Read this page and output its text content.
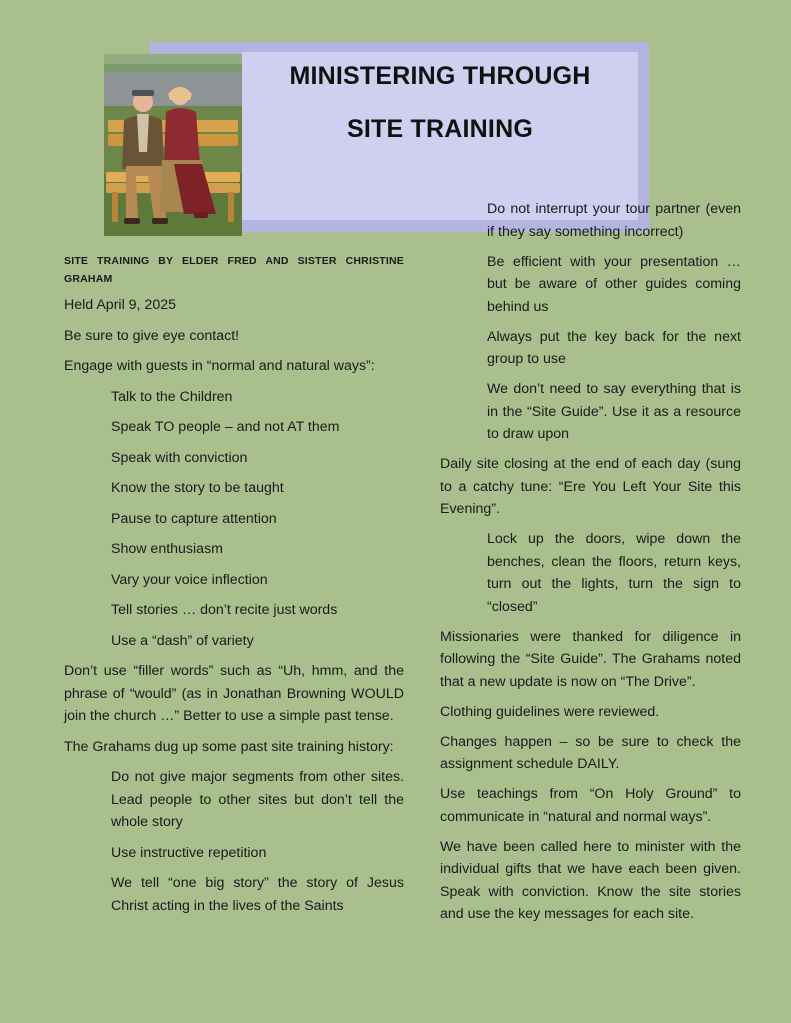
MINISTERING THROUGH
SITE TRAINING

SITE TRAINING BY ELDER FRED AND SISTER CHRISTINE GRAHAM

Held April 9, 2025

Be sure to give eye contact!

Engage with guests in “normal and natural ways”:

Talk to the Children

Speak TO people – and not AT them

Speak with conviction

Know the story to be taught

Pause to capture attention

Show enthusiasm

Vary your voice inflection

Tell stories … don’t recite just words

Use a “dash” of variety

Don’t use “filler words” such as “Uh, hmm, and the phrase of “would” (as in Jonathan Browning WOULD join the church …” Better to use a simple past tense.

The Grahams dug up some past site training history:

Do not give major segments from other sites. Lead people to other sites but don’t tell the whole story

Use instructive repetition

We tell “one big story” the story of Jesus Christ acting in the lives of the Saints

Do not interrupt your tour partner (even if they say something incorrect)

Be efficient with your presentation … but be aware of other guides coming behind us

Always put the key back for the next group to use

We don’t need to say everything that is in the “Site Guide”. Use it as a resource to draw upon

Daily site closing at the end of each day (sung to a catchy tune: “Ere You Left Your Site this Evening”.

Lock up the doors, wipe down the benches, clean the floors, return keys, turn out the lights, turn the sign to “closed”

Missionaries were thanked for diligence in following the “Site Guide”. The Grahams noted that a new update is now on “The Drive”.

Clothing guidelines were reviewed.

Changes happen – so be sure to check the assignment schedule DAILY.

Use teachings from “On Holy Ground” to communicate in “natural and normal ways”.

We have been called here to minister with the individual gifts that we have each been given. Speak with conviction. Know the site stories and use the key messages for each site.
